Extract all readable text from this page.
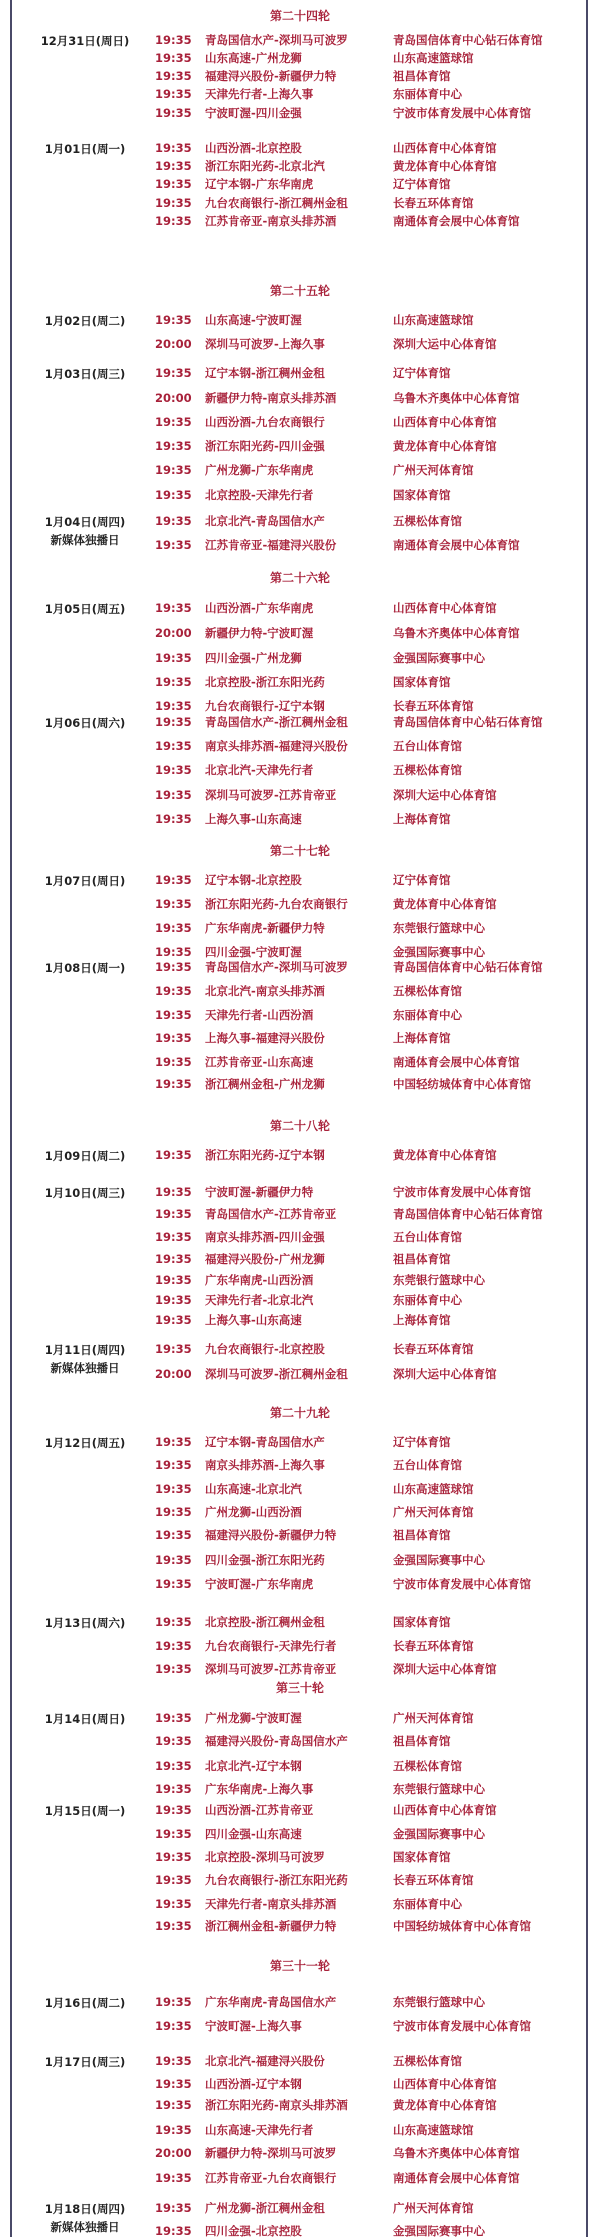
第二十四轮
12月31日(周日)	19:35 青岛国信水产-深圳马可波罗	青岛国信体育中心钻石体育馆
19:35 山东高速-广州龙狮	山东高速篮球馆
19:35 福建浔兴股份-新疆伊力特	祖昌体育馆
19:35 天津先行者-上海久事	东丽体育中心
19:35 宁波町渥-四川金强	宁波市体育发展中心体育馆
1月01日(周一)	19:35 山西汾酒-北京控股	山西体育中心体育馆
19:35 浙江东阳光药-北京北汽	黄龙体育中心体育馆
19:35 辽宁本钢-广东华南虎	辽宁体育馆
19:35 九台农商银行-浙江稠州金租	长春五环体育馆
19:35 江苏肯帝亚-南京头排苏酒	南通体育会展中心体育馆
第二十五轮
1月02日(周二)	19:35 山东高速-宁波町渥	山东高速篮球馆
20:00 深圳马可波罗-上海久事	深圳大运中心体育馆
1月03日(周三)	19:35 辽宁本钢-浙江稠州金租	辽宁体育馆
20:00 新疆伊力特-南京头排苏酒	乌鲁木齐奥体中心体育馆
19:35 山西汾酒-九台农商银行	山西体育中心体育馆
19:35 浙江东阳光药-四川金强	黄龙体育中心体育馆
19:35 广州龙狮-广东华南虎	广州天河体育馆
19:35 北京控股-天津先行者	国家体育馆
1月04日(周四)
新媒体独播日
19:35 北京北汽-青岛国信水产	五棵松体育馆
19:35 江苏肯帝亚-福建浔兴股份	南通体育会展中心体育馆
第二十六轮
1月05日(周五)	19:35 山西汾酒-广东华南虎	山西体育中心体育馆
20:00 新疆伊力特-宁波町渥	乌鲁木齐奥体中心体育馆
19:35 四川金强-广州龙狮	金强国际赛事中心
19:35 北京控股-浙江东阳光药	国家体育馆
19:35 九台农商银行-辽宁本钢	长春五环体育馆
1月06日(周六)	19:35 青岛国信水产-浙江稠州金租	青岛国信体育中心钻石体育馆
19:35 南京头排苏酒-福建浔兴股份	五台山体育馆
19:35 北京北汽-天津先行者	五棵松体育馆
19:35 深圳马可波罗-江苏肯帝亚	深圳大运中心体育馆
19:35 上海久事-山东高速	上海体育馆
第二十七轮
1月07日(周日)	19:35 辽宁本钢-北京控股	辽宁体育馆
19:35 浙江东阳光药-九台农商银行	黄龙体育中心体育馆
19:35 广东华南虎-新疆伊力特	东莞银行篮球中心
19:35 四川金强-宁波町渥	金强国际赛事中心
1月08日(周一)	19:35 青岛国信水产-深圳马可波罗	青岛国信体育中心钻石体育馆
19:35 北京北汽-南京头排苏酒	五棵松体育馆
19:35 天津先行者-山西汾酒	东丽体育中心
19:35 上海久事-福建浔兴股份	上海体育馆
19:35 江苏肯帝亚-山东高速	南通体育会展中心体育馆
19:35 浙江稠州金租-广州龙狮	中国轻纺城体育中心体育馆
第二十八轮
1月09日(周二)	19:35 浙江东阳光药-辽宁本钢	黄龙体育中心体育馆
1月10日(周三)	19:35 宁波町渥-新疆伊力特	宁波市体育发展中心体育馆
19:35 青岛国信水产-江苏肯帝亚	青岛国信体育中心钻石体育馆
19:35 南京头排苏酒-四川金强	五台山体育馆
19:35 福建浔兴股份-广州龙狮	祖昌体育馆
19:35 广东华南虎-山西汾酒	东莞银行篮球中心
19:35 天津先行者-北京北汽	东丽体育中心
19:35 上海久事-山东高速	上海体育馆
1月11日(周四)
新媒体独播日
19:35 九台农商银行-北京控股	长春五环体育馆
20:00 深圳马可波罗-浙江稠州金租	深圳大运中心体育馆
第二十九轮
1月12日(周五)	19:35 辽宁本钢-青岛国信水产	辽宁体育馆
19:35 南京头排苏酒-上海久事	五台山体育馆
19:35 山东高速-北京北汽	山东高速篮球馆
19:35 广州龙狮-山西汾酒	广州天河体育馆
19:35 福建浔兴股份-新疆伊力特	祖昌体育馆
19:35 四川金强-浙江东阳光药	金强国际赛事中心
19:35 宁波町渥-广东华南虎	宁波市体育发展中心体育馆
1月13日(周六)	19:35 北京控股-浙江稠州金租	国家体育馆
19:35 九台农商银行-天津先行者	长春五环体育馆
19:35 深圳马可波罗-江苏肯帝亚	深圳大运中心体育馆
第三十轮
1月14日(周日)	19:35 广州龙狮-宁波町渥	广州天河体育馆
19:35 福建浔兴股份-青岛国信水产	祖昌体育馆
19:35 北京北汽-辽宁本钢	五棵松体育馆
19:35 广东华南虎-上海久事	东莞银行篮球中心
1月15日(周一)	19:35 山西汾酒-江苏肯帝亚	山西体育中心体育馆
19:35 四川金强-山东高速	金强国际赛事中心
19:35 北京控股-深圳马可波罗	国家体育馆
19:35 九台农商银行-浙江东阳光药	长春五环体育馆
19:35 天津先行者-南京头排苏酒	东丽体育中心
19:35 浙江稠州金租-新疆伊力特	中国轻纺城体育中心体育馆
第三十一轮
1月16日(周二)	19:35 广东华南虎-青岛国信水产	东莞银行篮球中心
19:35 宁波町渥-上海久事	宁波市体育发展中心体育馆
1月17日(周三)	19:35 北京北汽-福建浔兴股份	五棵松体育馆
19:35 山西汾酒-辽宁本钢	山西体育中心体育馆
19:35 浙江东阳光药-南京头排苏酒	黄龙体育中心体育馆
19:35 山东高速-天津先行者	山东高速篮球馆
20:00 新疆伊力特-深圳马可波罗	乌鲁木齐奥体中心体育馆
19:35 江苏肯帝亚-九台农商银行	南通体育会展中心体育馆
1月18日(周四)
新媒体独播日
19:35 广州龙狮-浙江稠州金租	广州天河体育馆
19:35 四川金强-北京控股	金强国际赛事中心
